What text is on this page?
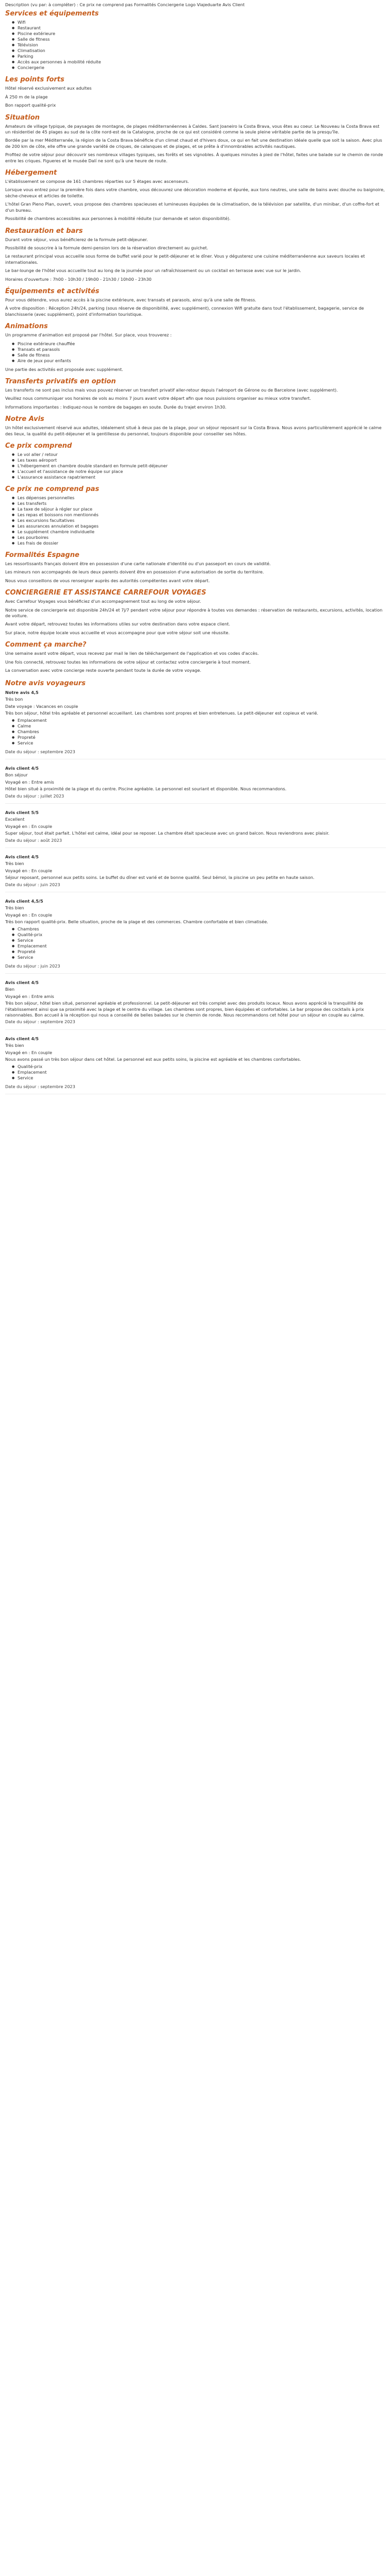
Description (vu par: à compléter) : Ce prix ne comprend pas Formalités Conciergerie Logo Viajeduarte Avis Client
Services et équipements
● Wifi
● Restaurant
● Piscine extérieure
● Salle de fitness
● Télévision
● Climatisation
● Parking
● Accès aux personnes à mobilité réduite
● Conciergerie
Les points forts

Hôtel réservé exclusivement aux adultes

À 250 m de la plage

Bon rapport qualité-prix

Situation

Amateurs de village typique, de paysages de montagne, de plages méditerranéennes à Caldes. Sant Joaneiro la Costa Brava, vous êtes au coeur. Le Nouveau la Costa Brava est un résidentiel de 45 plages au sud de la côte nord-est de la Catalogne, proche de ce qui est considéré comme la seule pleine véritable partie de la presqu'île.

Bordée par la mer Méditerranée, la région de la Costa Brava bénéficie d'un climat chaud et d'hivers doux, ce qui en fait une destination idéale quelle que soit la saison. Avec plus de 200 km de côte, elle offre une grande variété de criques, de calanques et de plages, et se prête à d'innombrables activités nautiques.

Profitez de votre séjour pour découvrir ses nombreux villages typiques, ses forêts et ses vignobles. À quelques minutes à pied de l'hôtel, faites une balade sur le chemin de ronde entre les criques. Figueres et le musée Dalí ne sont qu'à une heure de route.

Hébergement

L'établissement se compose de 161 chambres réparties sur 5 étages avec ascenseurs.

Lorsque vous entrez pour la première fois dans votre chambre, vous découvrez une décoration moderne et épurée, aux tons neutres, une salle de bains avec douche ou baignoire, sèche-cheveux et articles de toilette.

L'hôtel Gran Pieno Plan, ouvert, vous propose des chambres spacieuses et lumineuses équipées de la climatisation, de la télévision par satellite, d'un minibar, d'un coffre-fort et d'un bureau.

Possibilité de chambres accessibles aux personnes à mobilité réduite (sur demande et selon disponibilité).

Restauration et bars

Durant votre séjour, vous bénéficierez de la formule petit-déjeuner.

Possibilité de souscrire à la formule demi-pension lors de la réservation directement au guichet.

Le restaurant principal vous accueille sous forme de buffet varié pour le petit-déjeuner et le dîner. Vous y dégusterez une cuisine méditerranéenne aux saveurs locales et internationales.

Le bar-lounge de l'hôtel vous accueille tout au long de la journée pour un rafraîchissement ou un cocktail en terrasse avec vue sur le jardin.

Horaires d'ouverture : 7h00 - 10h30 / 19h00 - 21h30 / 10h00 - 23h30

Équipements et activités

Pour vous détendre, vous aurez accès à la piscine extérieure, avec transats et parasols, ainsi qu'à une salle de fitness.

À votre disposition : Réception 24h/24, parking (sous réserve de disponibilité, avec supplément), connexion Wifi gratuite dans tout l'établissement, bagagerie, service de blanchisserie (avec supplément), point d'information touristique.

Animations

Un programme d'animation est proposé par l'hôtel. Sur place, vous trouverez :

● Piscine extérieure chauffée
● Transats et parasols
● Salle de fitness
● Aire de jeux pour enfants

Une partie des activités est proposée avec supplément.

Transferts privatifs en option

Les transferts ne sont pas inclus mais vous pouvez réserver un transfert privatif aller-retour depuis l'aéroport de Gérone ou de Barcelone (avec supplément).

Veuillez nous communiquer vos horaires de vols au moins 7 jours avant votre départ afin que nous puissions organiser au mieux votre transfert.

Informations importantes : Indiquez-nous le nombre de bagages en soute. Durée du trajet environ 1h30.

Notre Avis

Un hôtel exclusivement réservé aux adultes, idéalement situé à deux pas de la plage, pour un séjour reposant sur la Costa Brava. Nous avons particulièrement apprécié le calme des lieux, la qualité du petit-déjeuner et la gentillesse du personnel, toujours disponible pour conseiller ses hôtes.

Ce prix comprend
● Le vol aller / retour
● Les taxes aéroport
● L'hébergement en chambre double standard en formule petit-déjeuner
● L'accueil et l'assistance de notre équipe sur place
● L'assurance assistance rapatriement
Ce prix ne comprend pas
● Les dépenses personnelles
● Les transferts
● La taxe de séjour à régler sur place
● Les repas et boissons non mentionnés
● Les excursions facultatives
● Les assurances annulation et bagages
● Le supplément chambre individuelle
● Les pourboires
● Les frais de dossier
Formalités Espagne

Les ressortissants français doivent être en possession d'une carte nationale d'identité ou d'un passeport en cours de validité.

Les mineurs non accompagnés de leurs deux parents doivent être en possession d'une autorisation de sortie du territoire.

Nous vous conseillons de vous renseigner auprès des autorités compétentes avant votre départ.

CONCIERGERIE ET ASSISTANCE CARREFOUR VOYAGES

Avec Carrefour Voyages vous bénéficiez d'un accompagnement tout au long de votre séjour.

Notre service de conciergerie est disponible 24h/24 et 7j/7 pendant votre séjour pour répondre à toutes vos demandes : réservation de restaurants, excursions, activités, location de voiture.

Avant votre départ, retrouvez toutes les informations utiles sur votre destination dans votre espace client.

Sur place, notre équipe locale vous accueille et vous accompagne pour que votre séjour soit une réussite.

Comment ça marche?

Une semaine avant votre départ, vous recevez par mail le lien de téléchargement de l'application et vos codes d'accès.

Une fois connecté, retrouvez toutes les informations de votre séjour et contactez votre conciergerie à tout moment.

La conversation avec votre concierge reste ouverte pendant toute la durée de votre voyage.

Notre avis voyageurs
Notre avis 4,5
Très bon
Date voyage : Vacances en couple
Très bon séjour, hôtel très agréable et personnel accueillant. Les chambres sont propres et bien entretenues. Le petit-déjeuner est copieux et varié.
● Emplacement
● Calme
● Chambres
● Propreté
● Service
Date du séjour : septembre 2023
Avis client 4/5
Bon séjour
Voyagé en : Entre amis
Hôtel bien situé à proximité de la plage et du centre. Piscine agréable. Le personnel est souriant et disponible. Nous recommandons.
Date du séjour : juillet 2023
Avis client 5/5
Excellent
Voyagé en : En couple
Super séjour, tout était parfait. L'hôtel est calme, idéal pour se reposer. La chambre était spacieuse avec un grand balcon. Nous reviendrons avec plaisir.
Date du séjour : août 2023
Avis client 4/5
Très bien
Voyagé en : En couple
Séjour reposant, personnel aux petits soins. Le buffet du dîner est varié et de bonne qualité. Seul bémol, la piscine un peu petite en haute saison.
Date du séjour : juin 2023
Avis client 4,5/5
Très bien
Voyagé en : En couple
Très bon rapport qualité-prix. Belle situation, proche de la plage et des commerces. Chambre confortable et bien climatisée.
● Chambres
● Qualité-prix
● Service
● Emplacement
● Propreté
● Service
Date du séjour : juin 2023
Avis client 4/5
Bien
Voyagé en : Entre amis
Très bon séjour, hôtel bien situé, personnel agréable et professionnel. Le petit-déjeuner est très complet avec des produits locaux. Nous avons apprécié la tranquillité de l'établissement ainsi que sa proximité avec la plage et le centre du village. Les chambres sont propres, bien équipées et confortables. Le bar propose des cocktails à prix raisonnables. Bon accueil à la réception qui nous a conseillé de belles balades sur le chemin de ronde. Nous recommandons cet hôtel pour un séjour en couple au calme.
Date du séjour : septembre 2023
Avis client 4/5
Très bien
Voyagé en : En couple
Nous avons passé un très bon séjour dans cet hôtel. Le personnel est aux petits soins, la piscine est agréable et les chambres confortables.
● Qualité-prix
● Emplacement
● Service
Date du séjour : septembre 2023
